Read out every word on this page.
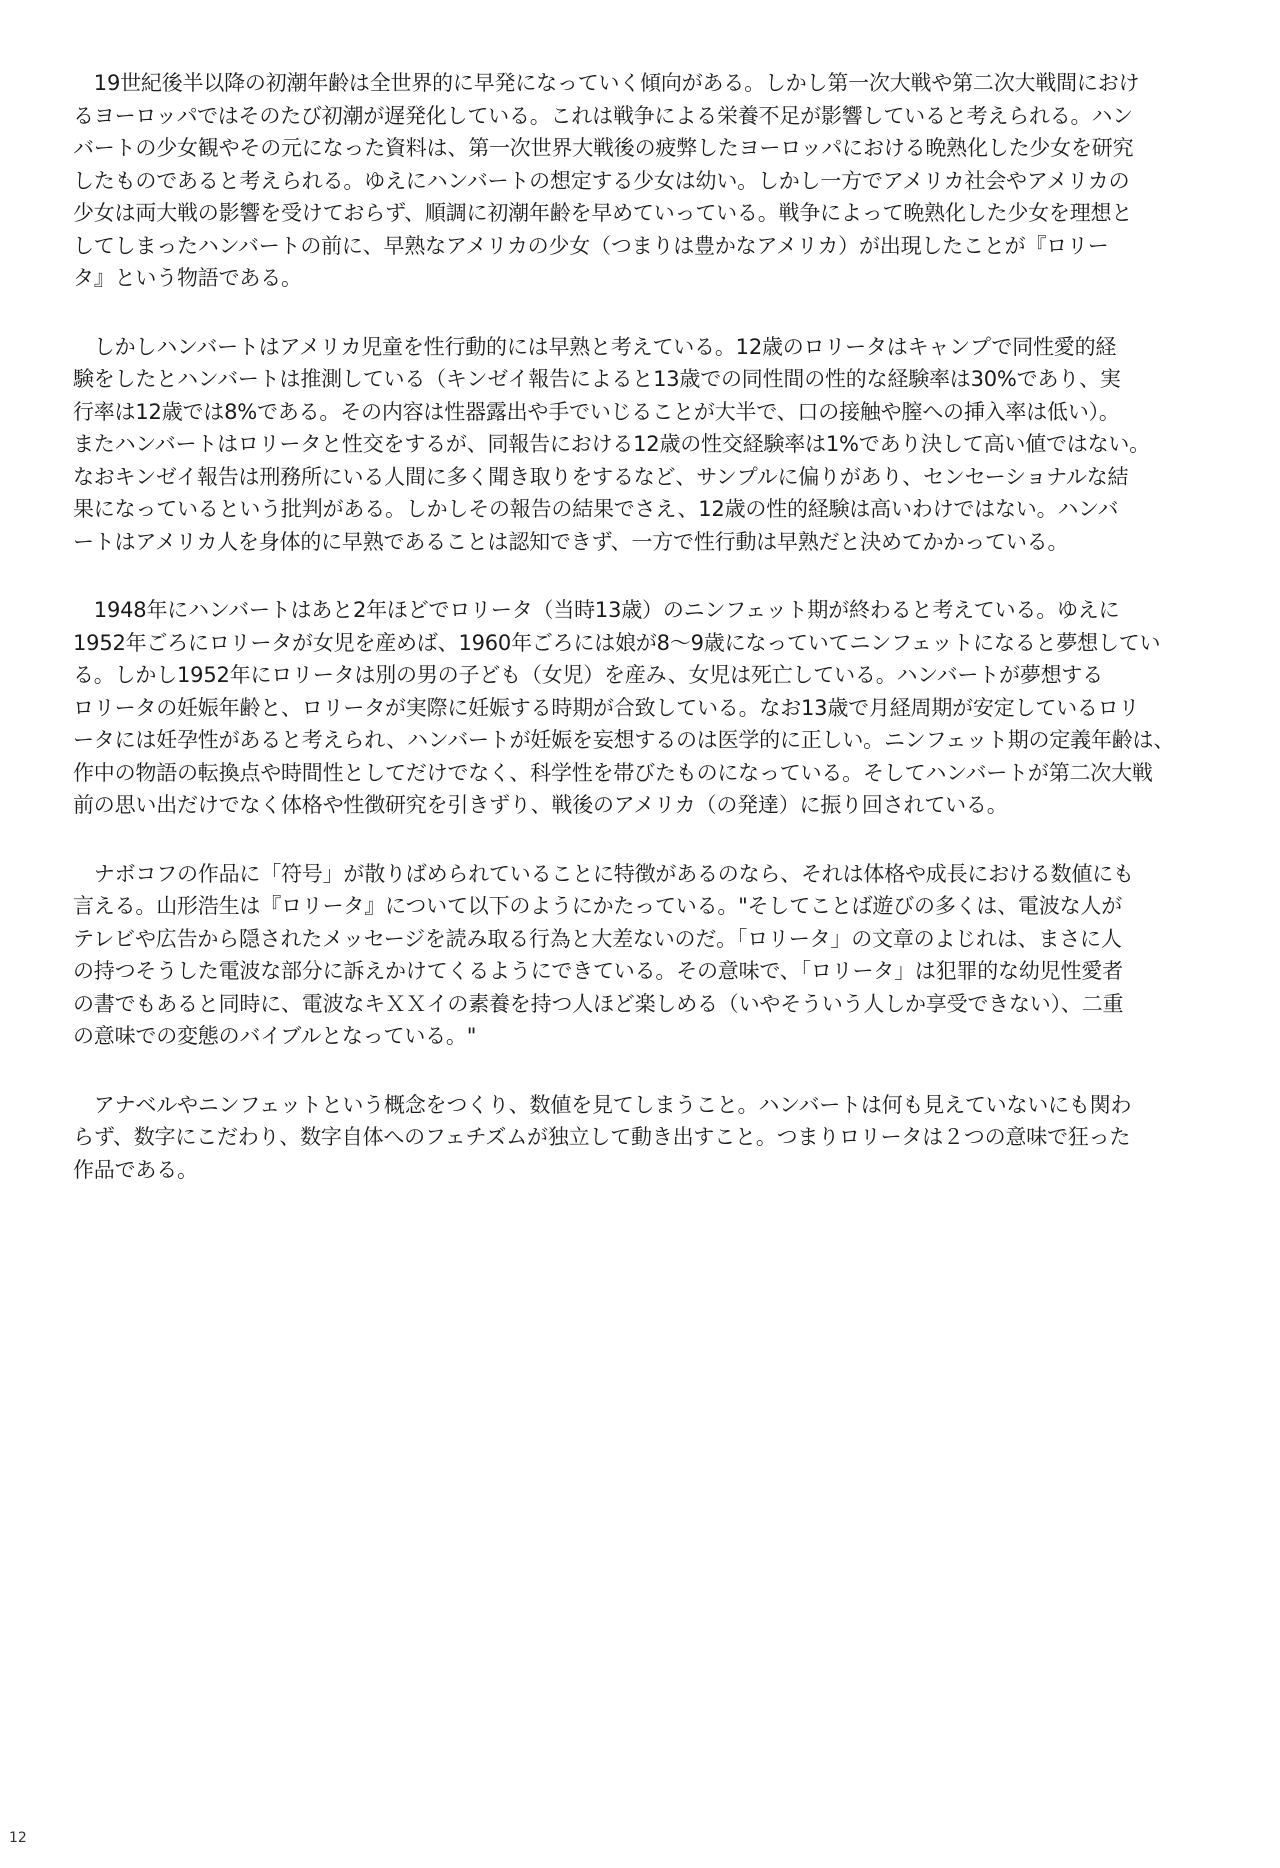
　19世紀後半以降の初潮年齢は全世界的に早発になっていく傾向がある。しかし第一次大戦や第二次大戦間におけ
るヨーロッパではそのたび初潮が遅発化している。これは戦争による栄養不足が影響していると考えられる。ハン
バートの少女観やその元になった資料は、第一次世界大戦後の疲弊したヨーロッパにおける晩熟化した少女を研究
したものであると考えられる。ゆえにハンバートの想定する少女は幼い。しかし一方でアメリカ社会やアメリカの
少女は両大戦の影響を受けておらず、順調に初潮年齢を早めていっている。戦争によって晩熟化した少女を理想と
してしまったハンバートの前に、早熟なアメリカの少女（つまりは豊かなアメリカ）が出現したことが『ロリー
タ』という物語である。
　しかしハンバートはアメリカ児童を性行動的には早熟と考えている。12歳のロリータはキャンプで同性愛的経
験をしたとハンバートは推測している（キンゼイ報告によると13歳での同性間の性的な経験率は30%であり、実
行率は12歳では8%である。その内容は性器露出や手でいじることが大半で、口の接触や膣への挿入率は低い）。
またハンバートはロリータと性交をするが、同報告における12歳の性交経験率は1%であり決して高い値ではない。
なおキンゼイ報告は刑務所にいる人間に多く聞き取りをするなど、サンプルに偏りがあり、センセーショナルな結
果になっているという批判がある。しかしその報告の結果でさえ、12歳の性的経験は高いわけではない。ハンバ
ートはアメリカ人を身体的に早熟であることは認知できず、一方で性行動は早熟だと決めてかかっている。
　1948年にハンバートはあと2年ほどでロリータ（当時13歳）のニンフェット期が終わると考えている。ゆえに
1952年ごろにロリータが女児を産めば、1960年ごろには娘が8〜9歳になっていてニンフェットになると夢想してい
る。しかし1952年にロリータは別の男の子ども（女児）を産み、女児は死亡している。ハンバートが夢想する
ロリータの妊娠年齢と、ロリータが実際に妊娠する時期が合致している。なお13歳で月経周期が安定しているロリ
ータには妊孕性があると考えられ、ハンバートが妊娠を妄想するのは医学的に正しい。ニンフェット期の定義年齢は、
作中の物語の転換点や時間性としてだけでなく、科学性を帯びたものになっている。そしてハンバートが第二次大戦
前の思い出だけでなく体格や性徴研究を引きずり、戦後のアメリカ（の発達）に振り回されている。
　ナボコフの作品に「符号」が散りばめられていることに特徴があるのなら、それは体格や成長における数値にも
言える。山形浩生は『ロリータ』について以下のようにかたっている。"そしてことば遊びの多くは、電波な人が
テレビや広告から隠されたメッセージを読み取る行為と大差ないのだ。「ロリータ」の文章のよじれは、まさに人
の持つそうした電波な部分に訴えかけてくるようにできている。その意味で、「ロリータ」は犯罪的な幼児性愛者
の書でもあると同時に、電波なキＸＸイの素養を持つ人ほど楽しめる（いやそういう人しか享受できない）、二重
の意味での変態のバイブルとなっている。"
　アナベルやニンフェットという概念をつくり、数値を見てしまうこと。ハンバートは何も見えていないにも関わ
らず、数字にこだわり、数字自体へのフェチズムが独立して動き出すこと。つまりロリータは２つの意味で狂った
作品である。
12
